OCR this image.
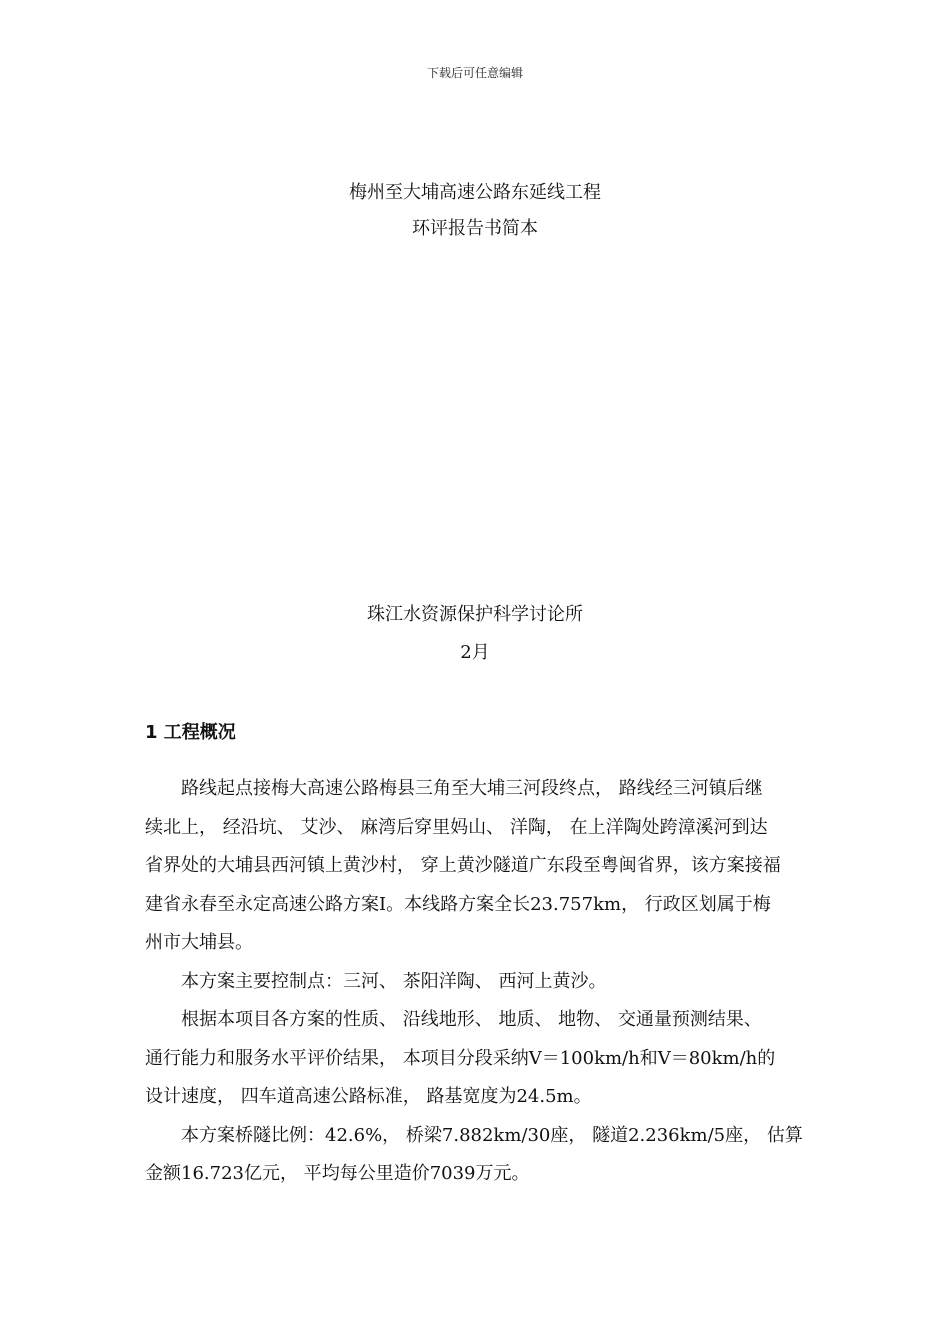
下载后可任意编辑
梅州至大埔高速公路东延线工程
环评报告书简本
珠江水资源保护科学讨论所
2月
1 工程概况
路线起点接梅大高速公路梅县三角至大埔三河段终点， 路线经三河镇后继
续北上， 经沿坑、 艾沙、 麻湾后穿里妈山、 洋陶， 在上洋陶处跨漳溪河到达
省界处的大埔县西河镇上黄沙村， 穿上黄沙隧道广东段至粤闽省界，该方案接福
建省永春至永定高速公路方案Ⅰ。本线路方案全长23.757km， 行政区划属于梅
州市大埔县。
本方案主要控制点：三河、 茶阳洋陶、 西河上黄沙。
根据本项目各方案的性质、 沿线地形、 地质、 地物、 交通量预测结果、
通行能力和服务水平评价结果， 本项目分段采纳V＝100km/h和V＝80km/h的
设计速度， 四车道高速公路标准， 路基宽度为24.5m。
本方案桥隧比例：42.6%， 桥梁7.882km/30座， 隧道2.236km/5座， 估算
金额16.723亿元， 平均每公里造价7039万元。
